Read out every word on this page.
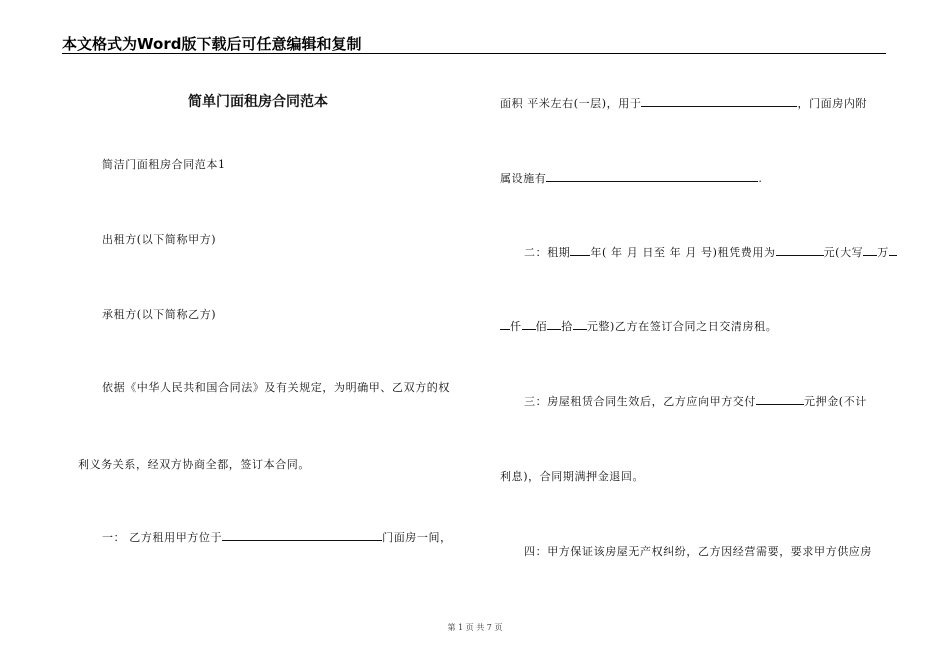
本文格式为Word版下载后可任意编辑和复制
简单门面租房合同范本
简洁门面租房合同范本1
出租方(以下简称甲方)
承租方(以下简称乙方)
依据《中华人民共和国合同法》及有关规定，为明确甲、乙双方的权
利义务关系，经双方协商全都，签订本合同。
一： 乙方租用甲方位于	门面房一间，
面积 平米左右(一层)，用于	，门面房内附
属设施有	.
二：租期 年( 年 月 日至 年 月 号)租凭费用为	元(大写 万
仟 佰 拾 元整)乙方在签订合同之日交清房租。
三：房屋租赁合同生效后，乙方应向甲方交付	元押金(不计
利息)，合同期满押金退回。
四：甲方保证该房屋无产权纠纷，乙方因经营需要，要求甲方供应房
第 1 页 共 7 页
